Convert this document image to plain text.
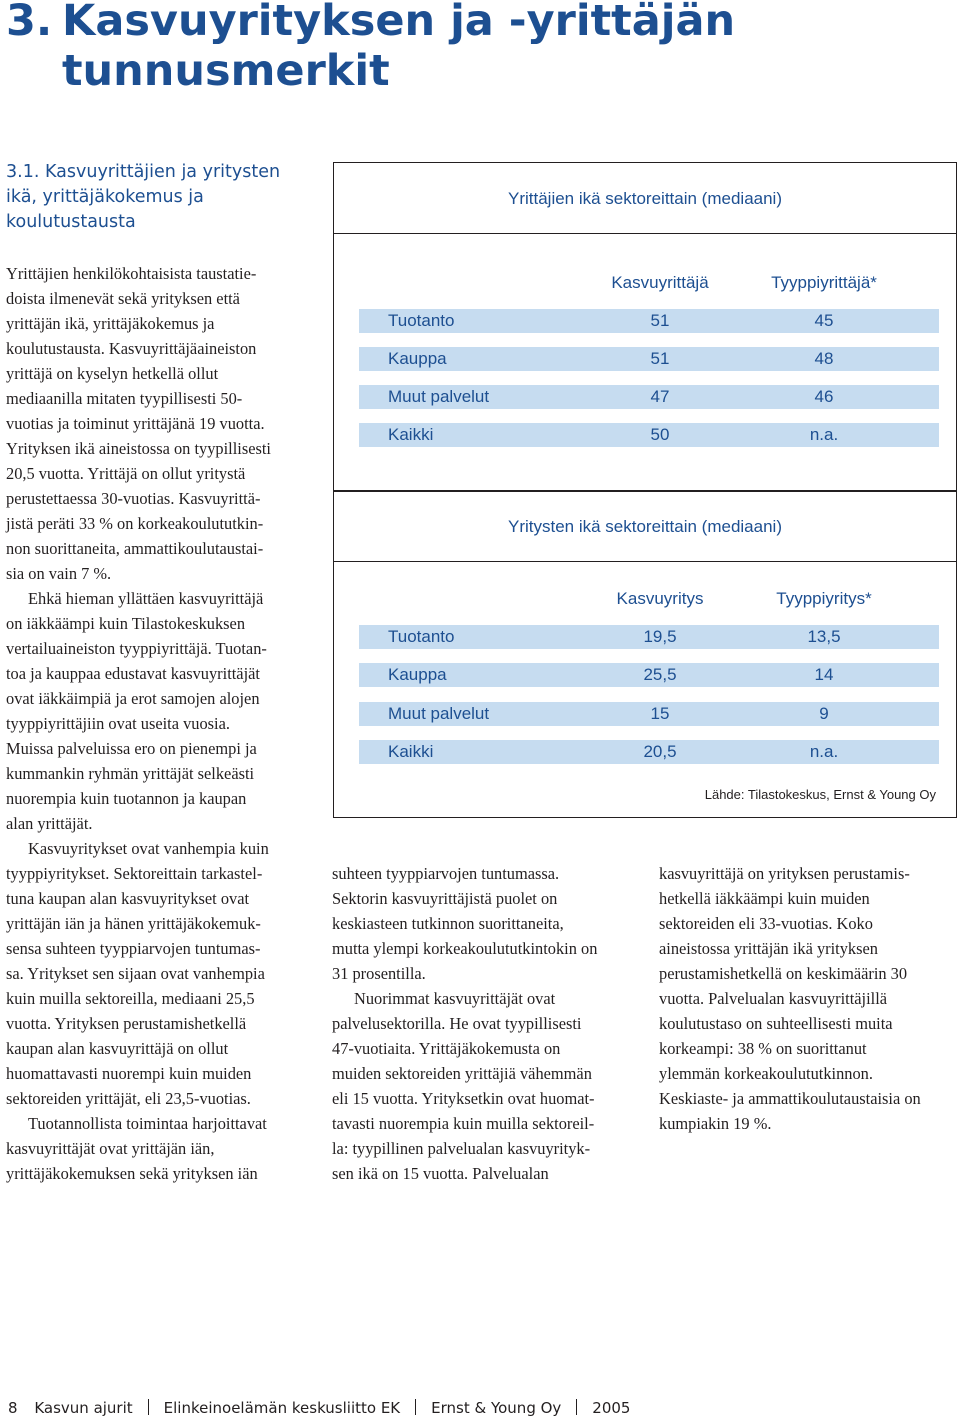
3. Kasvuyrityksen ja -yrittäjän
tunnusmerkit
3.1. Kasvuyrittäjien ja yritysten
ikä, yrittäjäkokemus ja
koulutustausta

Yrittäjien henkilökohtaisista taustatie-

doista ilmenevät sekä yrityksen että

yrittäjän ikä, yrittäjäkokemus ja

koulutustausta. Kasvuyrittäjäaineiston

yrittäjä on kyselyn hetkellä ollut

mediaanilla mitaten tyypillisesti 50-

vuotias ja toiminut yrittäjänä 19 vuotta.

Yrityksen ikä aineistossa on tyypillisesti

20,5 vuotta. Yrittäjä on ollut yritystä

perustettaessa 30-vuotias. Kasvuyrittä-

jistä peräti 33 % on korkeakoulututkin-

non suorittaneita, ammattikoulutaustai-

sia on vain 7 %.

Ehkä hieman yllättäen kasvuyrittäjä

on iäkkäämpi kuin Tilastokeskuksen

vertailuaineiston tyyppiyrittäjä. Tuotan-

toa ja kauppaa edustavat kasvuyrittäjät

ovat iäkkäimpiä ja erot samojen alojen

tyyppiyrittäjiin ovat useita vuosia.

Muissa palveluissa ero on pienempi ja

kummankin ryhmän yrittäjät selkeästi

nuorempia kuin tuotannon ja kaupan

alan yrittäjät.

Kasvuyritykset ovat vanhempia kuin

tyyppiyritykset. Sektoreittain tarkastel-

tuna kaupan alan kasvuyritykset ovat

yrittäjän iän ja hänen yrittäjäkokemuk-

sensa suhteen tyyppiarvojen tuntumas-

sa. Yritykset sen sijaan ovat vanhempia

kuin muilla sektoreilla, mediaani 25,5

vuotta. Yrityksen perustamishetkellä

kaupan alan kasvuyrittäjä on ollut

huomattavasti nuorempi kuin muiden

sektoreiden yrittäjät, eli 23,5-vuotias.

Tuotannollista toimintaa harjoittavat

kasvuyrittäjät ovat yrittäjän iän,

yrittäjäkokemuksen sekä yrityksen iän

suhteen tyyppiarvojen tuntumassa.

Sektorin kasvuyrittäjistä puolet on

keskiasteen tutkinnon suorittaneita,

mutta ylempi korkeakoulututkintokin on

31 prosentilla.

Nuorimmat kasvuyrittäjät ovat

palvelusektorilla. He ovat tyypillisesti

47-vuotiaita. Yrittäjäkokemusta on

muiden sektoreiden yrittäjiä vähemmän

eli 15 vuotta. Yrityksetkin ovat huomat-

tavasti nuorempia kuin muilla sektoreil-

la: tyypillinen palvelualan kasvuyrityk-

sen ikä on 15 vuotta. Palvelualan

kasvuyrittäjä on yrityksen perustamis-

hetkellä iäkkäämpi kuin muiden

sektoreiden eli 33-vuotias. Koko

aineistossa yrittäjän ikä yrityksen

perustamishetkellä on keskimäärin 30

vuotta. Palvelualan kasvuyrittäjillä

koulutustaso on suhteellisesti muita

korkeampi: 38 % on suorittanut

ylemmän korkeakoulututkinnon.

Keskiaste- ja ammattikoulutaustaisia on

kumpiakin 19 %.

Yrittäjien ikä sektoreittain (mediaani)
Kasvuyrittäjä	Tyyppiyrittäjä*
Tuotanto	51	45
Kauppa	51	48
Muut palvelut	47	46
Kaikki	50	n.a.
Yritysten ikä sektoreittain (mediaani)
Kasvuyritys	Tyyppiyritys*
Tuotanto	19,5	13,5
Kauppa	25,5	14
Muut palvelut	15	9
Kaikki	20,5	n.a.
Lähde: Tilastokeskus, Ernst & Young Oy
8 Kasvun ajurit Elinkeinoelämän keskusliitto EK Ernst & Young Oy 2005
